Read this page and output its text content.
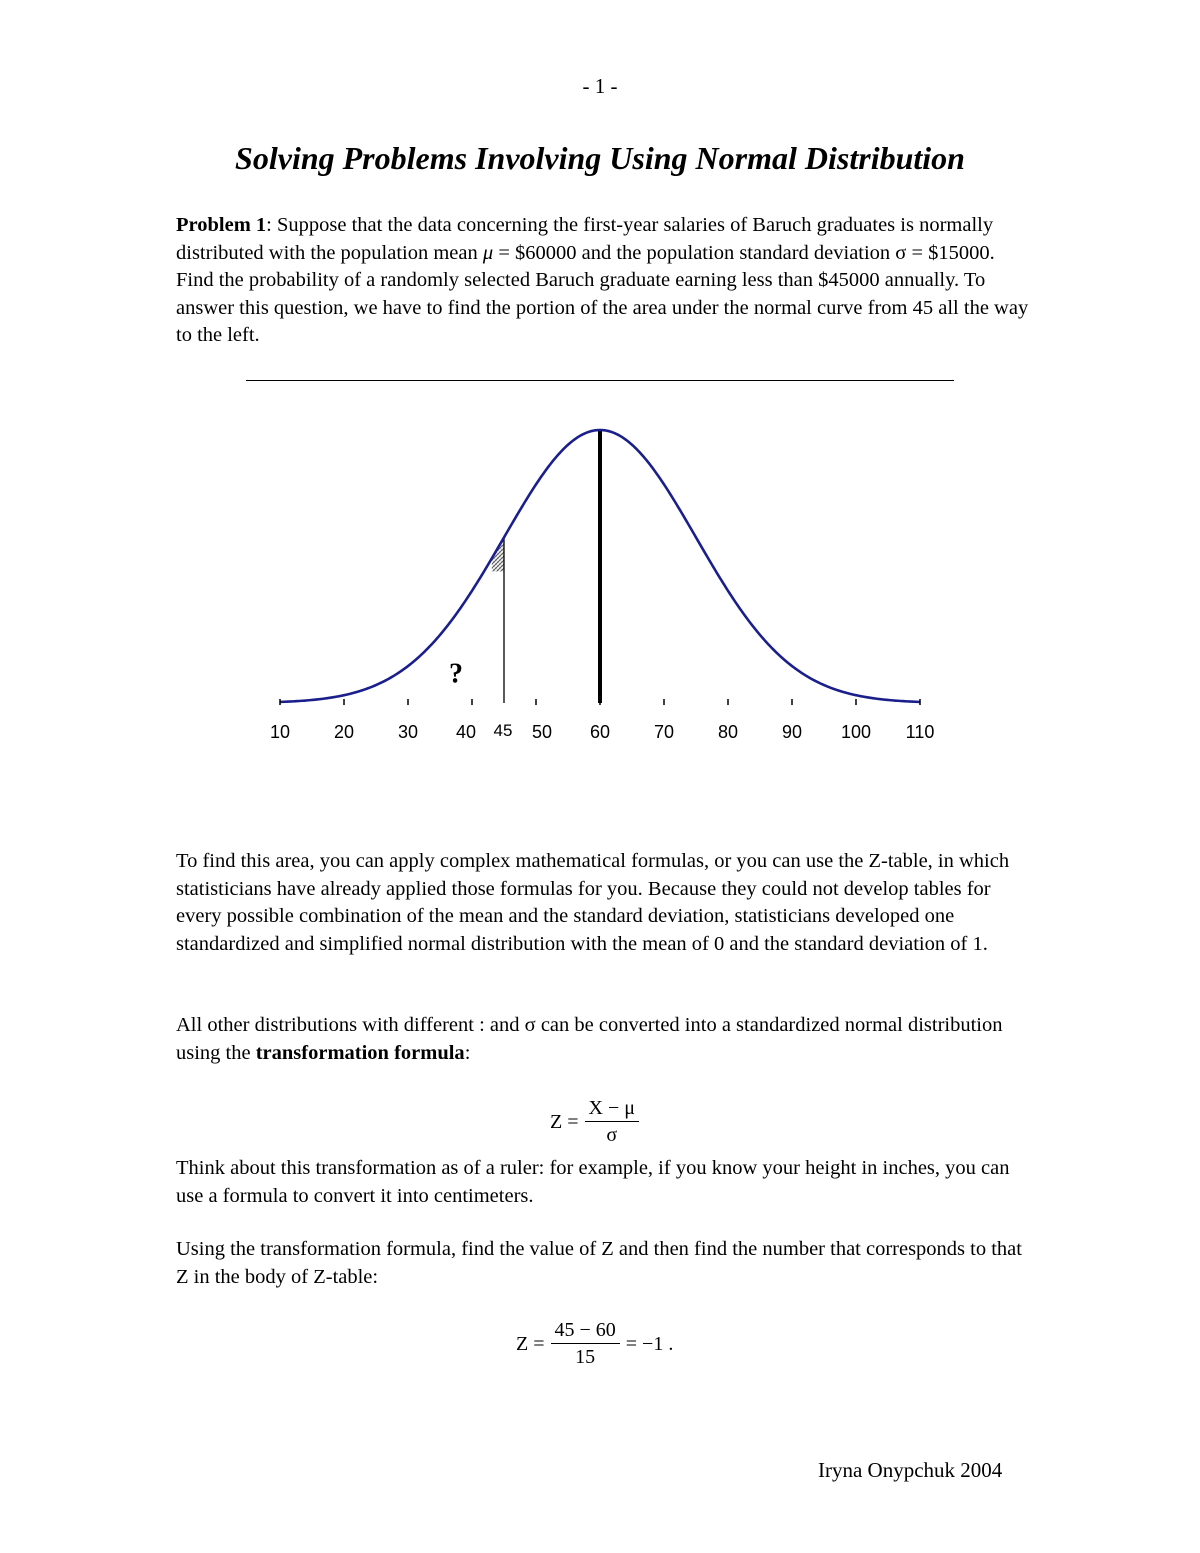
- 1 -
Solving Problems Involving Using Normal Distribution

Problem 1: Suppose that the data concerning the first-year salaries of Baruch graduates is normally distributed with the population mean μ = $60000 and the population standard deviation σ = $15000. Find the probability of a randomly selected Baruch graduate earning less than $45000 annually. To answer this question, we have to find the portion of the area under the normal curve from 45 all the way to the left.

10 20 30 40	50 60 70 80 90 100 110
45
?

To find this area, you can apply complex mathematical formulas, or you can use the Z-table, in which statisticians have already applied those formulas for you. Because they could not develop tables for every possible combination of the mean and the standard deviation, statisticians developed one standardized and simplified normal distribution with the mean of 0 and the standard deviation of 1.

All other distributions with different : and σ can be converted into a standardized normal distribution using the transformation formula:

$Z = \frac{X - \mu}{\sigma}$

Think about this transformation as of a ruler: for example, if you know your height in inches, you can use a formula to convert it into centimeters.

Using the transformation formula, find the value of Z and then find the number that corresponds to that Z in the body of Z-table:

$Z = \frac{45 - 60}{15} = -1$ .
Iryna Onypchuk 2004
